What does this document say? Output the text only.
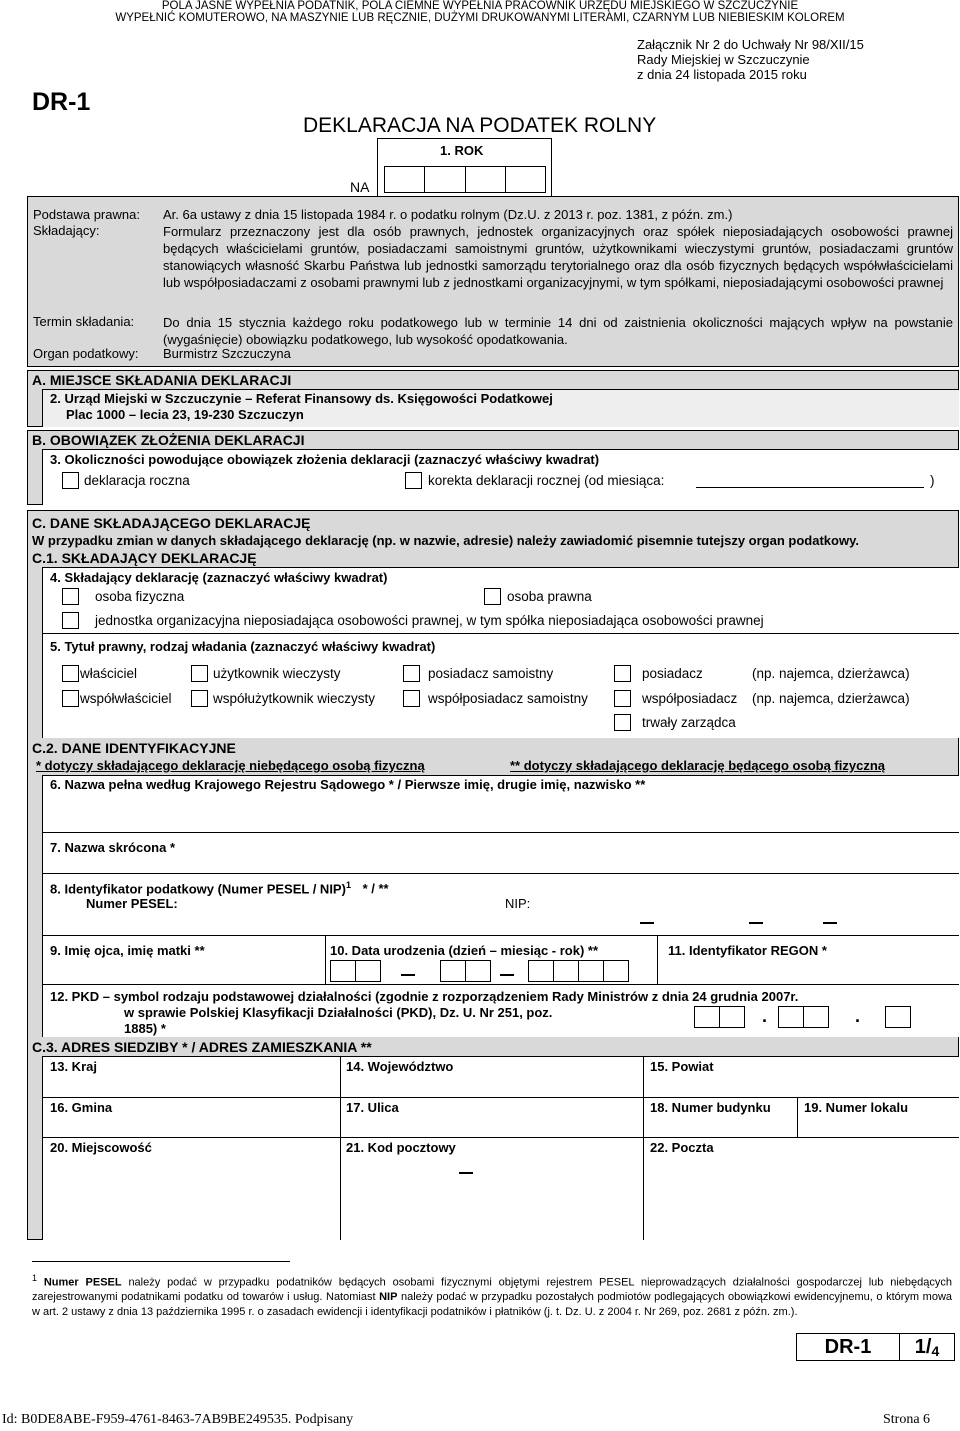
POLA JASNE WYPEŁNIA PODATNIK, POLA CIEMNE WYPEŁNIA PRACOWNIK URZĘDU MIEJSKIEGO W SZCZUCZYNIE
WYPEŁNIĆ KOMUTEROWO, NA MASZYNIE LUB RĘCZNIE, DUŻYMI DRUKOWANYMI LITERAMI, CZARNYM LUB NIEBIESKIM KOLOREM
Załącznik Nr 2 do Uchwały Nr 98/XII/15
Rady Miejskiej w Szczuczynie
z dnia 24 listopada 2015 roku
DR-1
DEKLARACJA NA PODATEK ROLNY
1. ROK
NA
Podstawa prawna: Ar. 6a ustawy z dnia 15 listopada 1984 r. o podatku rolnym (Dz.U. z 2013 r. poz. 1381, z późn. zm.)
Składający:	Formularz przeznaczony jest dla osób prawnych, jednostek organizacyjnych oraz spółek nieposiadających osobowości prawnej będących właścicielami gruntów, posiadaczami samoistnymi gruntów, użytkownikami wieczystymi gruntów, posiadaczami gruntów stanowiących własność Skarbu Państwa lub jednostki samorządu terytorialnego oraz dla osób fizycznych będących współwłaścicielami lub współposiadaczami z osobami prawnymi lub z jednostkami organizacyjnymi, w tym spółkami, nieposiadającymi osobowości prawnej
Termin składania: Do dnia 15 stycznia każdego roku podatkowego lub w terminie 14 dni od zaistnienia okoliczności mających wpływ na powstanie (wygaśnięcie) obowiązku podatkowego, lub wysokość opodatkowania.
Organ podatkowy: Burmistrz Szczuczyna
A. MIEJSCE SKŁADANIA DEKLARACJI
2. Urząd Miejski w Szczuczynie – Referat Finansowy ds. Księgowości Podatkowej
Plac 1000 – lecia 23, 19-230 Szczuczyn
B. OBOWIĄZEK ZŁOŻENIA DEKLARACJI
3. Okoliczności powodujące obowiązek złożenia deklaracji (zaznaczyć właściwy kwadrat)
deklaracja roczna	korekta deklaracji rocznej (od miesiąca:	)
C. DANE SKŁADAJĄCEGO DEKLARACJĘ
W przypadku zmian w danych składającego deklarację (np. w nazwie, adresie) należy zawiadomić pisemnie tutejszy organ podatkowy.
C.1. SKŁADAJĄCY DEKLARACJĘ
4. Składający deklarację (zaznaczyć właściwy kwadrat)
osoba fizyczna	osoba prawna
jednostka organizacyjna nieposiadająca osobowości prawnej, w tym spółka nieposiadająca osobowości prawnej
5. Tytuł prawny, rodzaj władania (zaznaczyć właściwy kwadrat)
właściciel	użytkownik wieczysty	posiadacz samoistny	posiadacz	(np. najemca, dzierżawca)
współwłaściciel	współużytkownik wieczysty	współposiadacz samoistny	współposiadacz (np. najemca, dzierżawca)
trwały zarządca
C.2. DANE IDENTYFIKACYJNE
* dotyczy składającego deklarację niebędącego osobą fizyczną	** dotyczy składającego deklarację będącego osobą fizyczną
6. Nazwa pełna według Krajowego Rejestru Sądowego * / Pierwsze imię, drugie imię, nazwisko **
7. Nazwa skrócona *
8. Identyfikator podatkowy (Numer PESEL / NIP)$^1$ * / **
Numer PESEL:	NIP:
9. Imię ojca, imię matki **	10. Data urodzenia (dzień – miesiąc - rok) **	11. Identyfikator REGON *
12. PKD – symbol rodzaju podstawowej działalności (zgodnie z rozporządzeniem Rady Ministrów z dnia 24 grudnia 2007r.
w sprawie Polskiej Klasyfikacji Działalności (PKD), Dz. U. Nr 251, poz.
1885) *
.	.
C.3. ADRES SIEDZIBY * / ADRES ZAMIESZKANIA **
13. Kraj	14. Województwo	15. Powiat
16. Gmina	17. Ulica	18. Numer budynku	19. Numer lokalu
20. Miejscowość	21. Kod pocztowy	22. Poczta
$^1$ Numer PESEL należy podać w przypadku podatników będących osobami fizycznymi objętymi rejestrem PESEL nieprowadzących działalności gospodarczej lub niebędących zarejestrowanymi podatnikami podatku od towarów i usług. Natomiast NIP należy podać w przypadku pozostałych podmiotów podlegających obowiązkowi ewidencyjnemu, o którym mowa w art. 2 ustawy z dnia 13 października 1995 r. o zasadach ewidencji i identyfikacji podatników i płatników (j. t. Dz. U. z 2004 r. Nr 269, poz. 2681 z późn. zm.).
DR-1	1/4
Id: B0DE8ABE-F959-4761-8463-7AB9BE249535. Podpisany	Strona 6
